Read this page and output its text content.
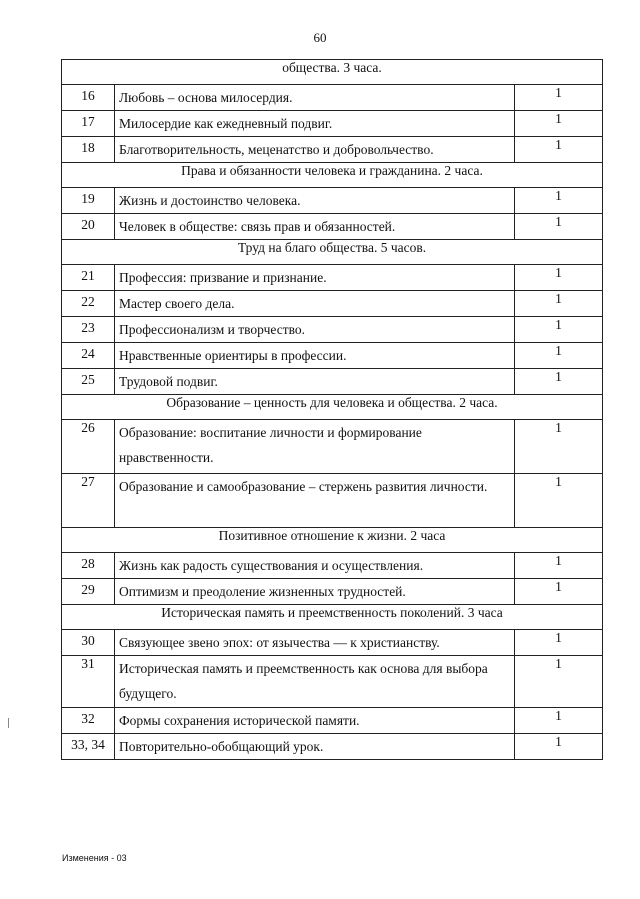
60
общества. 3 часа.		
16	Любовь – основа милосердия.	1
17	Милосердие как ежедневный подвиг.	1
18	Благотворительность, меценатство и добровольчество.	1
Права и обязанности человека и гражданина. 2 часа.		
19	Жизнь и достоинство человека.	1
20	Человек в обществе: связь прав и обязанностей.	1
Труд на благо общества. 5 часов.		
21	Профессия: призвание и признание.	1
22	Мастер своего дела.	1
23	Профессионализм и творчество.	1
24	Нравственные ориентиры в профессии.	1
25	Трудовой подвиг.	1
Образование – ценность для человека и общества. 2 часа.		
26	Образование: воспитание личности и формирование нравственности.	1
27	Образование и самообразование – стержень развития личности.	1
Позитивное отношение к жизни. 2 часа		
28	Жизнь как радость существования и осуществления.	1
29	Оптимизм и преодоление жизненных трудностей.	1
Историческая память и преемственность поколений. 3 часа		
30	Связующее звено эпох: от язычества — к христианству.	1
31	Историческая память и преемственность как основа для выбора будущего.	1
32	Формы сохранения исторической памяти.	1
33, 34	Повторительно-обобщающий урок.	1
Изменения - 03
